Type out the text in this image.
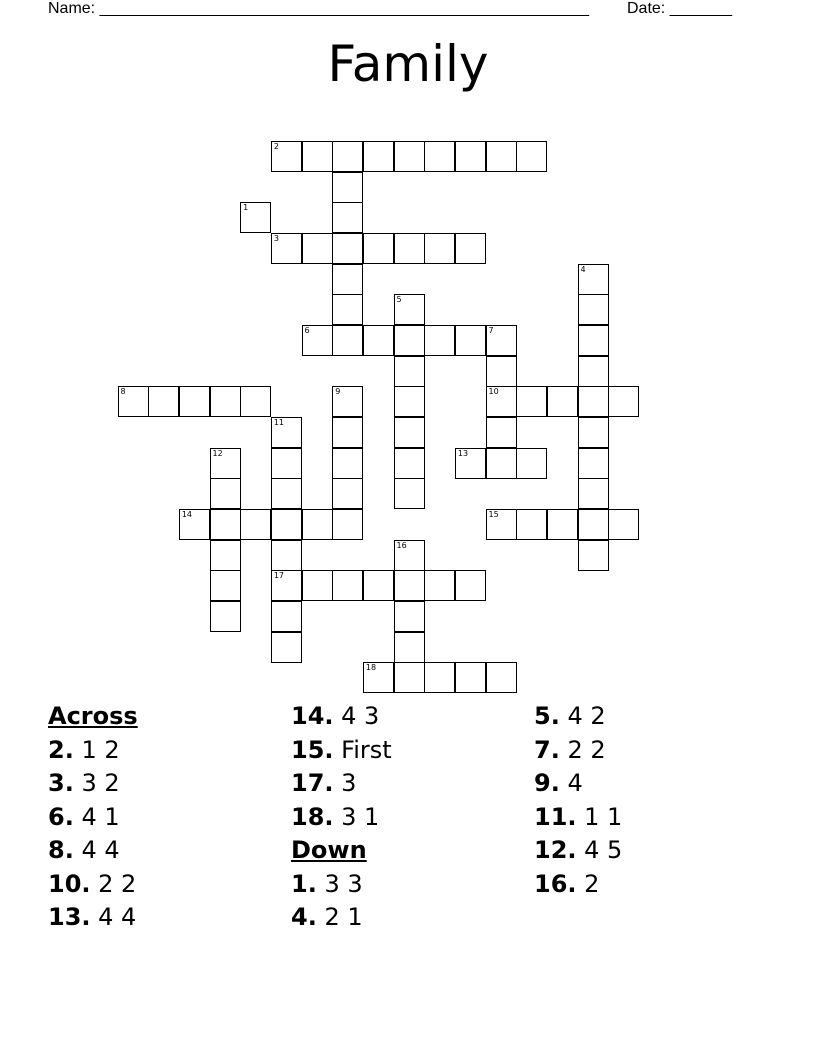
Name: _______________________________________________________ Date: _______
Family
1
2
3
4
5
6	7
8	9	10
11
12	13
14	15
16
17
18
Across
2. 1 2
3. 3 2
6. 4 1
8. 4 4
10. 2 2
13. 4 4
14. 4 3
15. First
17. 3
18. 3 1
Down
1. 3 3
4. 2 1
5. 4 2
7. 2 2
9. 4
11. 1 1
12. 4 5
16. 2
